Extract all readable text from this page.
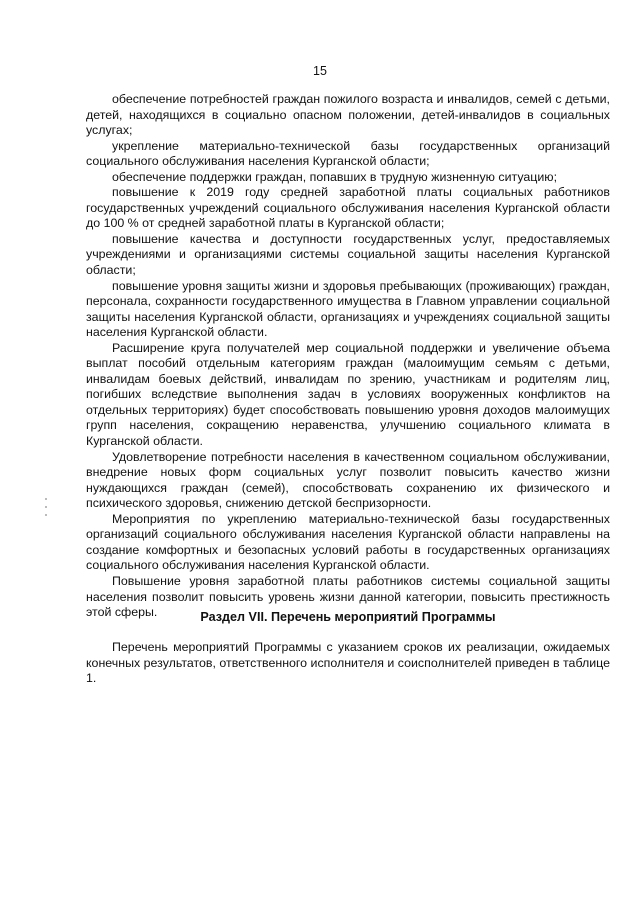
15

обеспечение потребностей граждан пожилого возраста и инвалидов, семей с детьми, детей, находящихся в социально опасном положении, детей-инвалидов в социальных услугах;

укрепление материально-технической базы государственных организаций социального обслуживания населения Курганской области;

обеспечение поддержки граждан, попавших в трудную жизненную ситуацию;

повышение к 2019 году средней заработной платы социальных работников государственных учреждений социального обслуживания населения Курганской области до 100 % от средней заработной платы в Курганской области;

повышение качества и доступности государственных услуг, предоставляемых учреждениями и организациями системы социальной защиты населения Курганской области;

повышение уровня защиты жизни и здоровья пребывающих (проживающих) граждан, персонала, сохранности государственного имущества в Главном управлении социальной защиты населения Курганской области, организациях и учреждениях социальной защиты населения Курганской области.

Расширение круга получателей мер социальной поддержки и увеличение объема выплат пособий отдельным категориям граждан (малоимущим семьям с детьми, инвалидам боевых действий, инвалидам по зрению, участникам и родителям лиц, погибших вследствие выполнения задач в условиях вооруженных конфликтов на отдельных территориях) будет способствовать повышению уровня доходов малоимущих групп населения, сокращению неравенства, улучшению социального климата в Курганской области.

Удовлетворение потребности населения в качественном социальном обслуживании, внедрение новых форм социальных услуг позволит повысить качество жизни нуждающихся граждан (семей), способствовать сохранению их физического и психического здоровья, снижению детской беспризорности.

Мероприятия по укреплению материально-технической базы государственных организаций социального обслуживания населения Курганской области направлены на создание комфортных и безопасных условий работы в государственных организациях социального обслуживания населения Курганской области.

Повышение уровня заработной платы работников системы социальной защиты населения позволит повысить уровень жизни данной категории, повысить престижность этой сферы.	Раздел VII. Перечень мероприятий Программы

Перечень мероприятий Программы с указанием сроков их реализации, ожидаемых конечных результатов, ответственного исполнителя и соисполнителей приведен в таблице 1.
